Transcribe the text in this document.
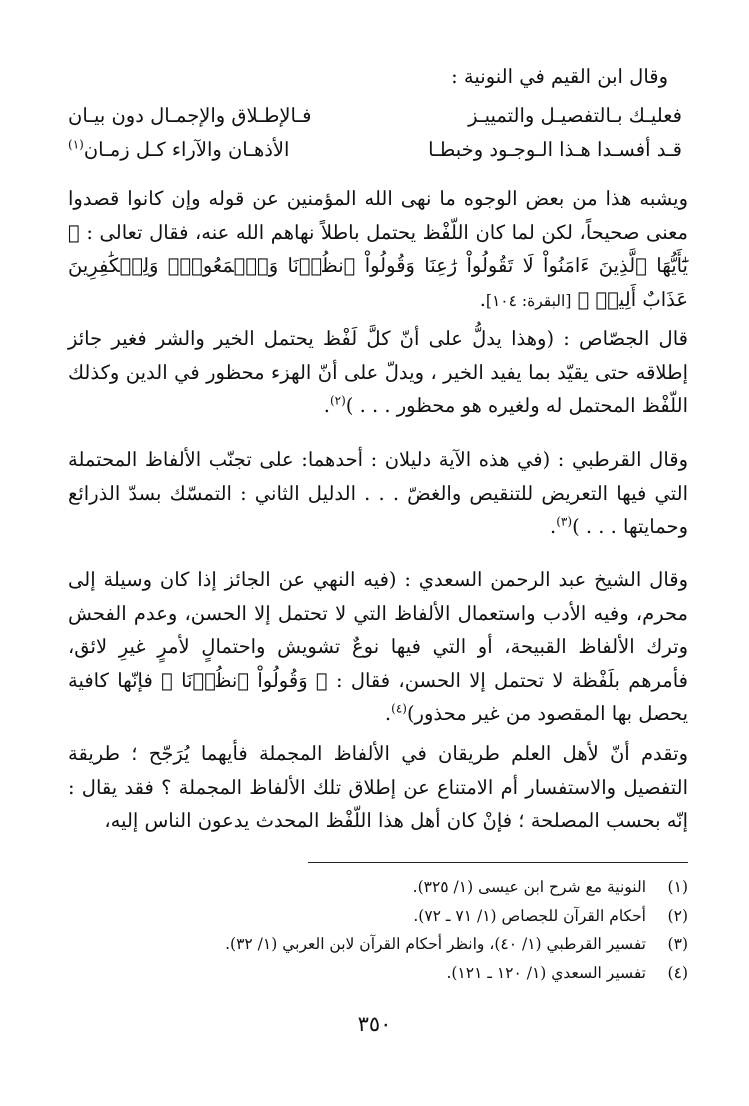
وقال ابن القيم في النونية :

فعليـك بـالتفصيـل والتمييـز
فـالإطـلاق والإجمـال دون بيـان
قـد أفسـدا هـذا الـوجـود وخبطـا
الأذهـان والآراء كـل زمـان$^{(١)}$

ويشبه هذا من بعض الوجوه ما نهى الله المؤمنين عن قوله وإن كانوا قصدوا معنى صحيحاً، لكن لما كان اللّفْظ يحتمل باطلاً نهاهم الله عنه، فقال تعالى : ﴿ يَٰٓأَيُّهَا ٱلَّذِينَ ءَامَنُواْ لَا تَقُولُواْ رَٰعِنَا وَقُولُواْ ٱنظُرۡنَا وَٱسۡمَعُواْۗ وَلِلۡكَٰفِرِينَ عَذَابٌ أَلِيمٞ ﴾ [البقرة: ١٠٤].

قال الجصّاص : (وهذا يدلُّ على أنّ كلَّ لَفْظ يحتمل الخير والشر فغير جائز إطلاقه حتى يقيّد بما يفيد الخير ، ويدلّ على أنّ الهزء محظور في الدين وكذلك اللّفْظ المحتمل له ولغيره هو محظور . . . )$^{(٢)}$.

وقال القرطبي : (في هذه الآية دليلان : أحدهما: على تجنّب الألفاظ المحتملة التي فيها التعريض للتنقيص والغضّ . . . الدليل الثاني : التمسّك بسدّ الذرائع وحمايتها . . . )$^{(٣)}$.

وقال الشيخ عبد الرحمن السعدي : (فيه النهي عن الجائز إذا كان وسيلة إلى محرم، وفيه الأدب واستعمال الألفاظ التي لا تحتمل إلا الحسن، وعدم الفحش وترك الألفاظ القبيحة، أو التي فيها نوعٌ تشويش واحتمالٍ لأمرٍ غيرِ لائق، فأمرهم بلَفْظة لا تحتمل إلا الحسن، فقال : ﴿ وَقُولُواْ ٱنظُرۡنَا ﴾ فإنّها كافية يحصل بها المقصود من غير محذور)$^{(٤)}$.

وتقدم أنّ لأهل العلم طريقان في الألفاظ المجملة فأيهما يُرَجّح ؛ طريقة التفصيل والاستفسار أم الامتناع عن إطلاق تلك الألفاظ المجملة ؟ فقد يقال : إنّه بحسب المصلحة ؛ فإنْ كان أهل هذا اللّفْظ المحدث يدعون الناس إليه،

(١)
النونية مع شرح ابن عيسى (١/ ٣٢٥).
(٢)
أحكام القرآن للجصاص (١/ ٧١ ـ ٧٢).
(٣)
تفسير القرطبي (١/ ٤٠)، وانظر أحكام القرآن لابن العربي (١/ ٣٢).
(٤)
تفسير السعدي (١/ ١٢٠ ـ ١٢١).
٣٥٠
